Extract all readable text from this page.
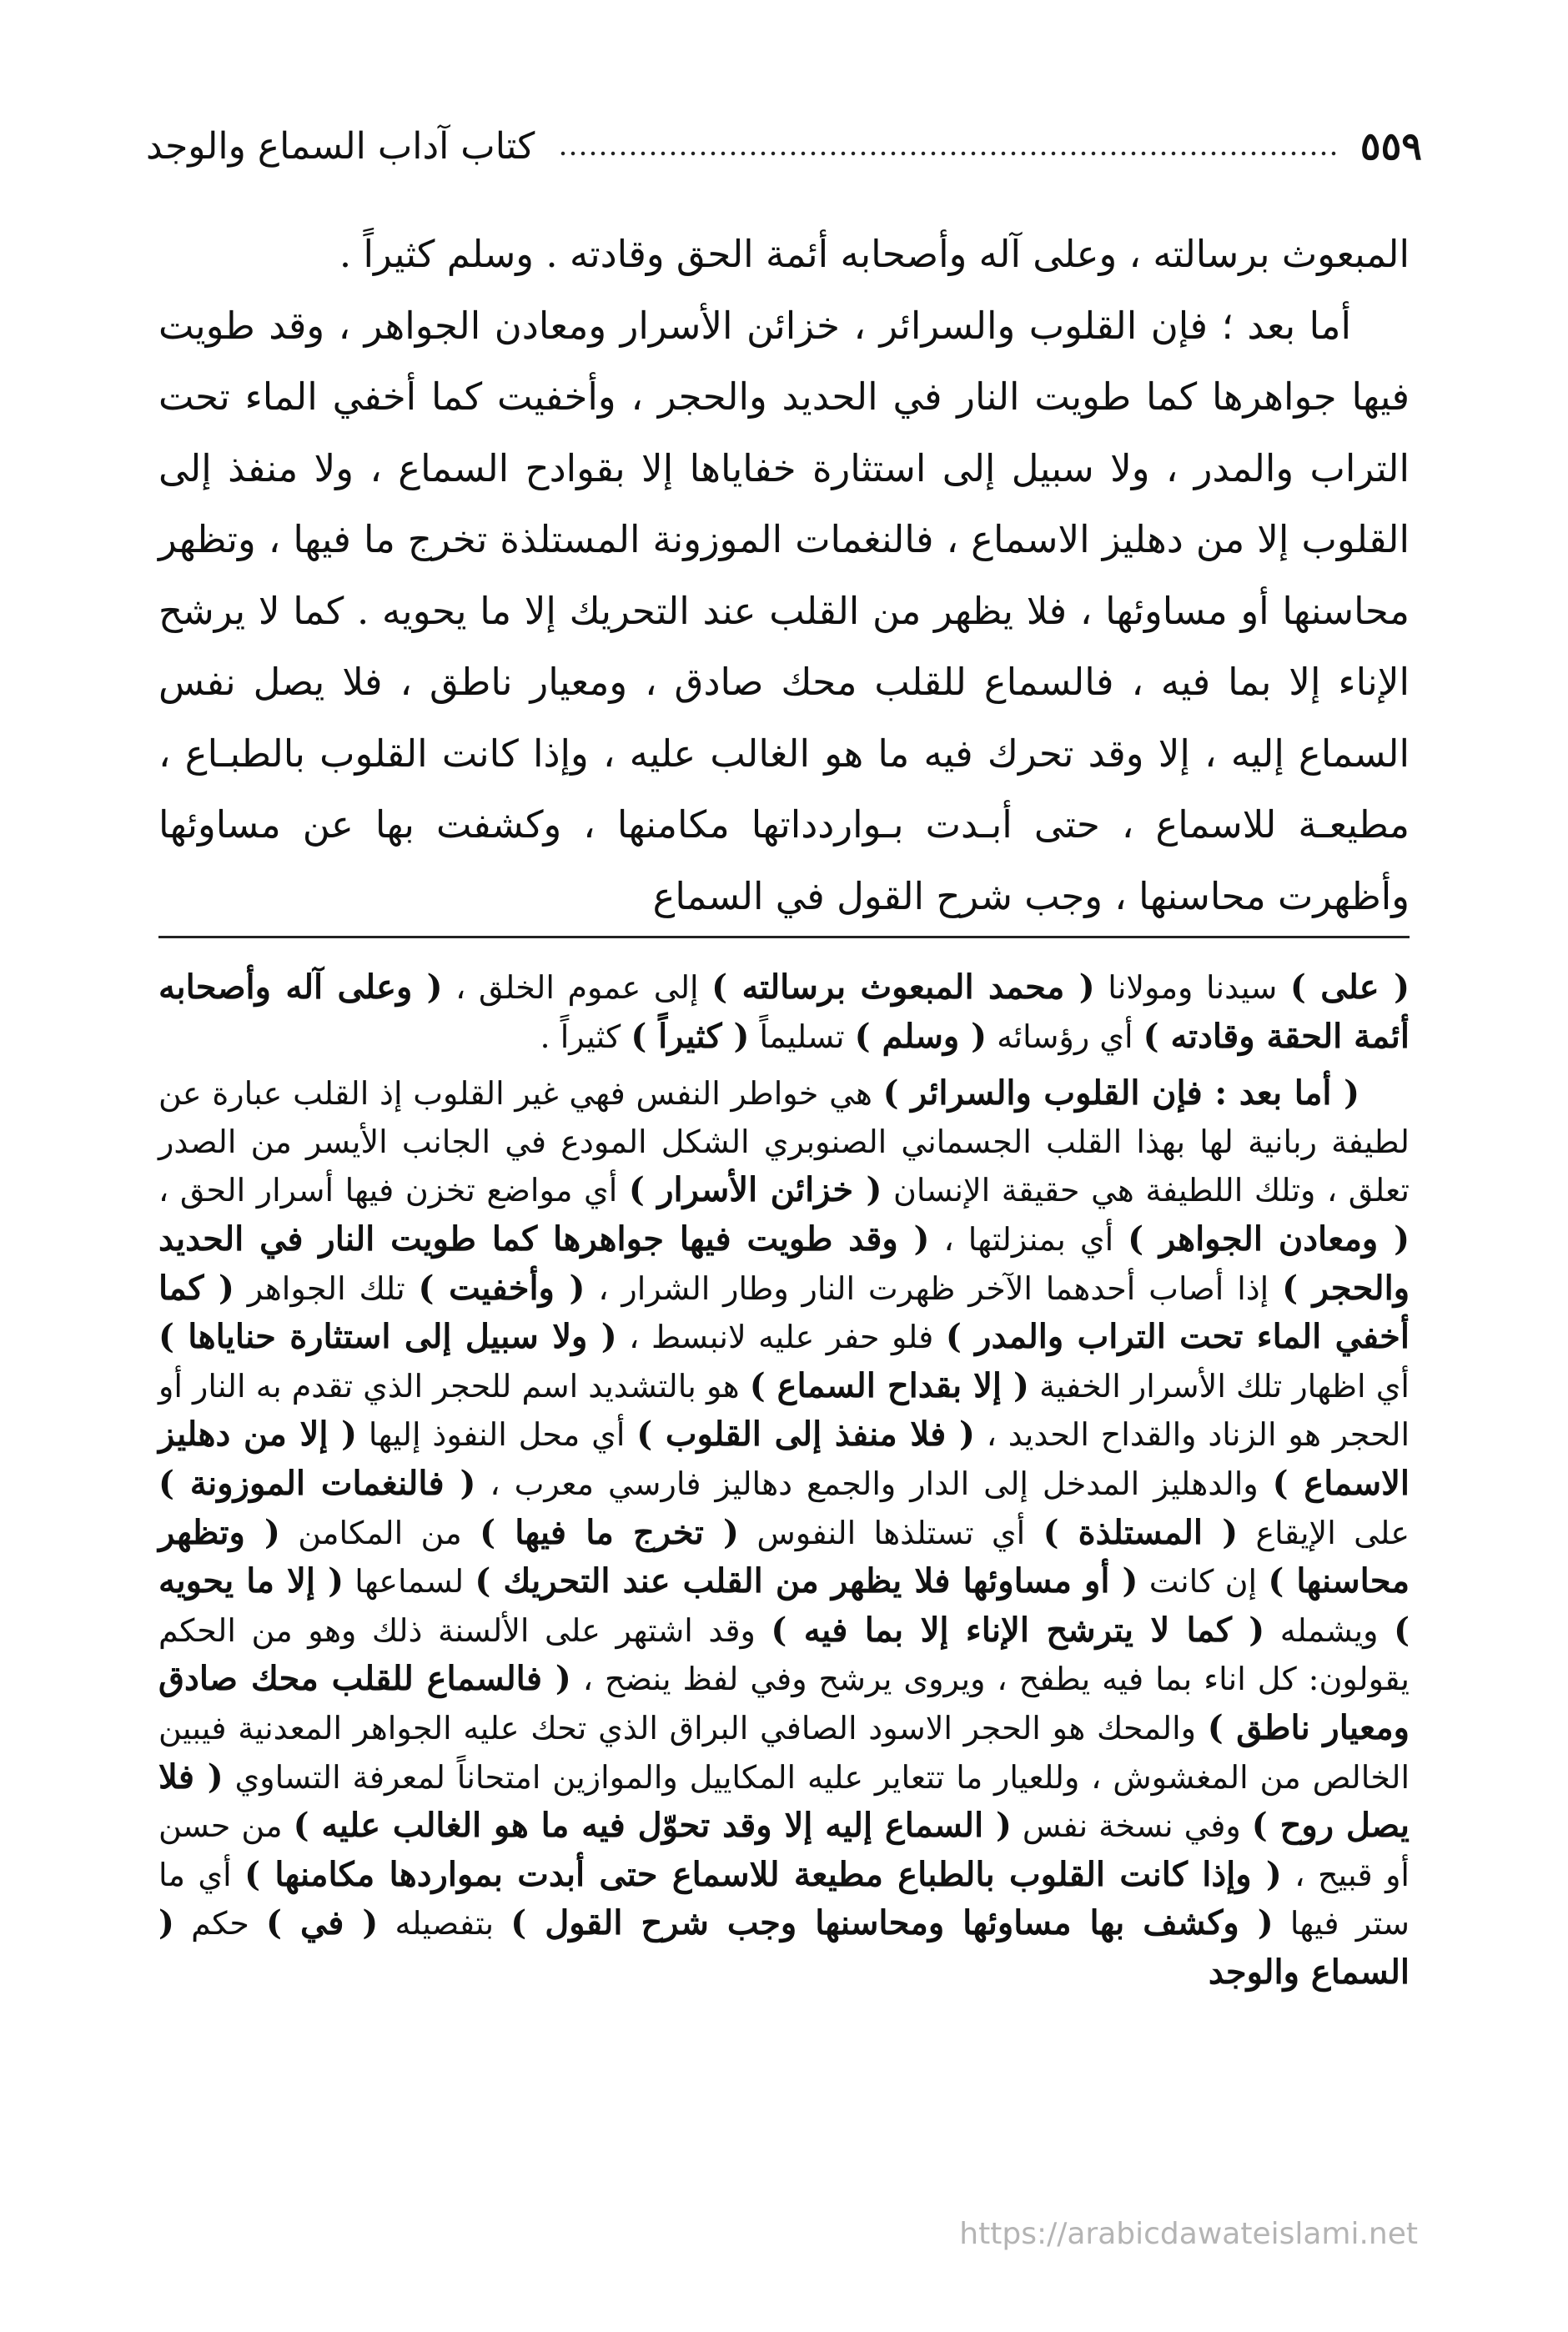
كتاب آداب السماع والوجد	٥٥٩

المبعوث برسالته ، وعلى آله وأصحابه أئمة الحق وقادته . وسلم كثيراً .

أما بعد ؛ فإن القلوب والسرائر ، خزائن الأسرار ومعادن الجواهر ، وقد طويت فيها جواهرها كما طويت النار في الحديد والحجر ، وأخفيت كما أخفي الماء تحت التراب والمدر ، ولا سبيل إلى استثارة خفاياها إلا بقوادح السماع ، ولا منفذ إلى القلوب إلا من دهليز الاسماع ، فالنغمات الموزونة المستلذة تخرج ما فيها ، وتظهر محاسنها أو مساوئها ، فلا يظهر من القلب عند التحريك إلا ما يحويه . كما لا يرشح الإناء إلا بما فيه ، فالسماع للقلب محك صادق ، ومعيار ناطق ، فلا يصل نفس السماع إليه ، إلا وقد تحرك فيه ما هو الغالب عليه ، وإذا كانت القلوب بالطبـاع ، مطيعـة للاسماع ، حتى أبـدت بـواردداتها مكامنها ، وكشفت بها عن مساوئها وأظهرت محاسنها ، وجب شرح القول في السماع

( على ) سيدنا ومولانا ( محمد المبعوث برسالته ) إلى عموم الخلق ، ( وعلى آله وأصحابه أئمة الحقة وقادته ) أي رؤسائه ( وسلم ) تسليماً ( كثيراً ) كثيراً .

( أما بعد : فإن القلوب والسرائر ) هي خواطر النفس فهي غير القلوب إذ القلب عبارة عن لطيفة ربانية لها بهذا القلب الجسماني الصنوبري الشكل المودع في الجانب الأيسر من الصدر تعلق ، وتلك اللطيفة هي حقيقة الإنسان ( خزائن الأسرار ) أي مواضع تخزن فيها أسرار الحق ، ( ومعادن الجواهر ) أي بمنزلتها ، ( وقد طويت فيها جواهرها كما طويت النار في الحديد والحجر ) إذا أصاب أحدهما الآخر ظهرت النار وطار الشرار ، ( وأخفيت ) تلك الجواهر ( كما أخفي الماء تحت التراب والمدر ) فلو حفر عليه لانبسط ، ( ولا سبيل إلى استثارة حناياها ) أي اظهار تلك الأسرار الخفية ( إلا بقداح السماع ) هو بالتشديد اسم للحجر الذي تقدم به النار أو الحجر هو الزناد والقداح الحديد ، ( فلا منفذ إلى القلوب ) أي محل النفوذ إليها ( إلا من دهليز الاسماع ) والدهليز المدخل إلى الدار والجمع دهاليز فارسي معرب ، ( فالنغمات الموزونة ) على الإيقاع ( المستلذة ) أي تستلذها النفوس ( تخرج ما فيها ) من المكامن ( وتظهر محاسنها ) إن كانت ( أو مساوئها فلا يظهر من القلب عند التحريك ) لسماعها ( إلا ما يحويه ) ويشمله ( كما لا يترشح الإناء إلا بما فيه ) وقد اشتهر على الألسنة ذلك وهو من الحكم يقولون: كل اناء بما فيه يطفح ، ويروى يرشح وفي لفظ ينضح ، ( فالسماع للقلب محك صادق ومعيار ناطق ) والمحك هو الحجر الاسود الصافي البراق الذي تحك عليه الجواهر المعدنية فيبين الخالص من المغشوش ، وللعيار ما تتعاير عليه المكاييل والموازين امتحاناً لمعرفة التساوي ( فلا يصل روح ) وفي نسخة نفس ( السماع إليه إلا وقد تحوّل فيه ما هو الغالب عليه ) من حسن أو قبيح ، ( وإذا كانت القلوب بالطباع مطيعة للاسماع حتى أبدت بمواردها مكامنها ) أي ما ستر فيها ( وكشف بها مساوئها ومحاسنها وجب شرح القول ) بتفصيله ( في ) حكم ( السماع والوجد

https://arabicdawateislami.net
